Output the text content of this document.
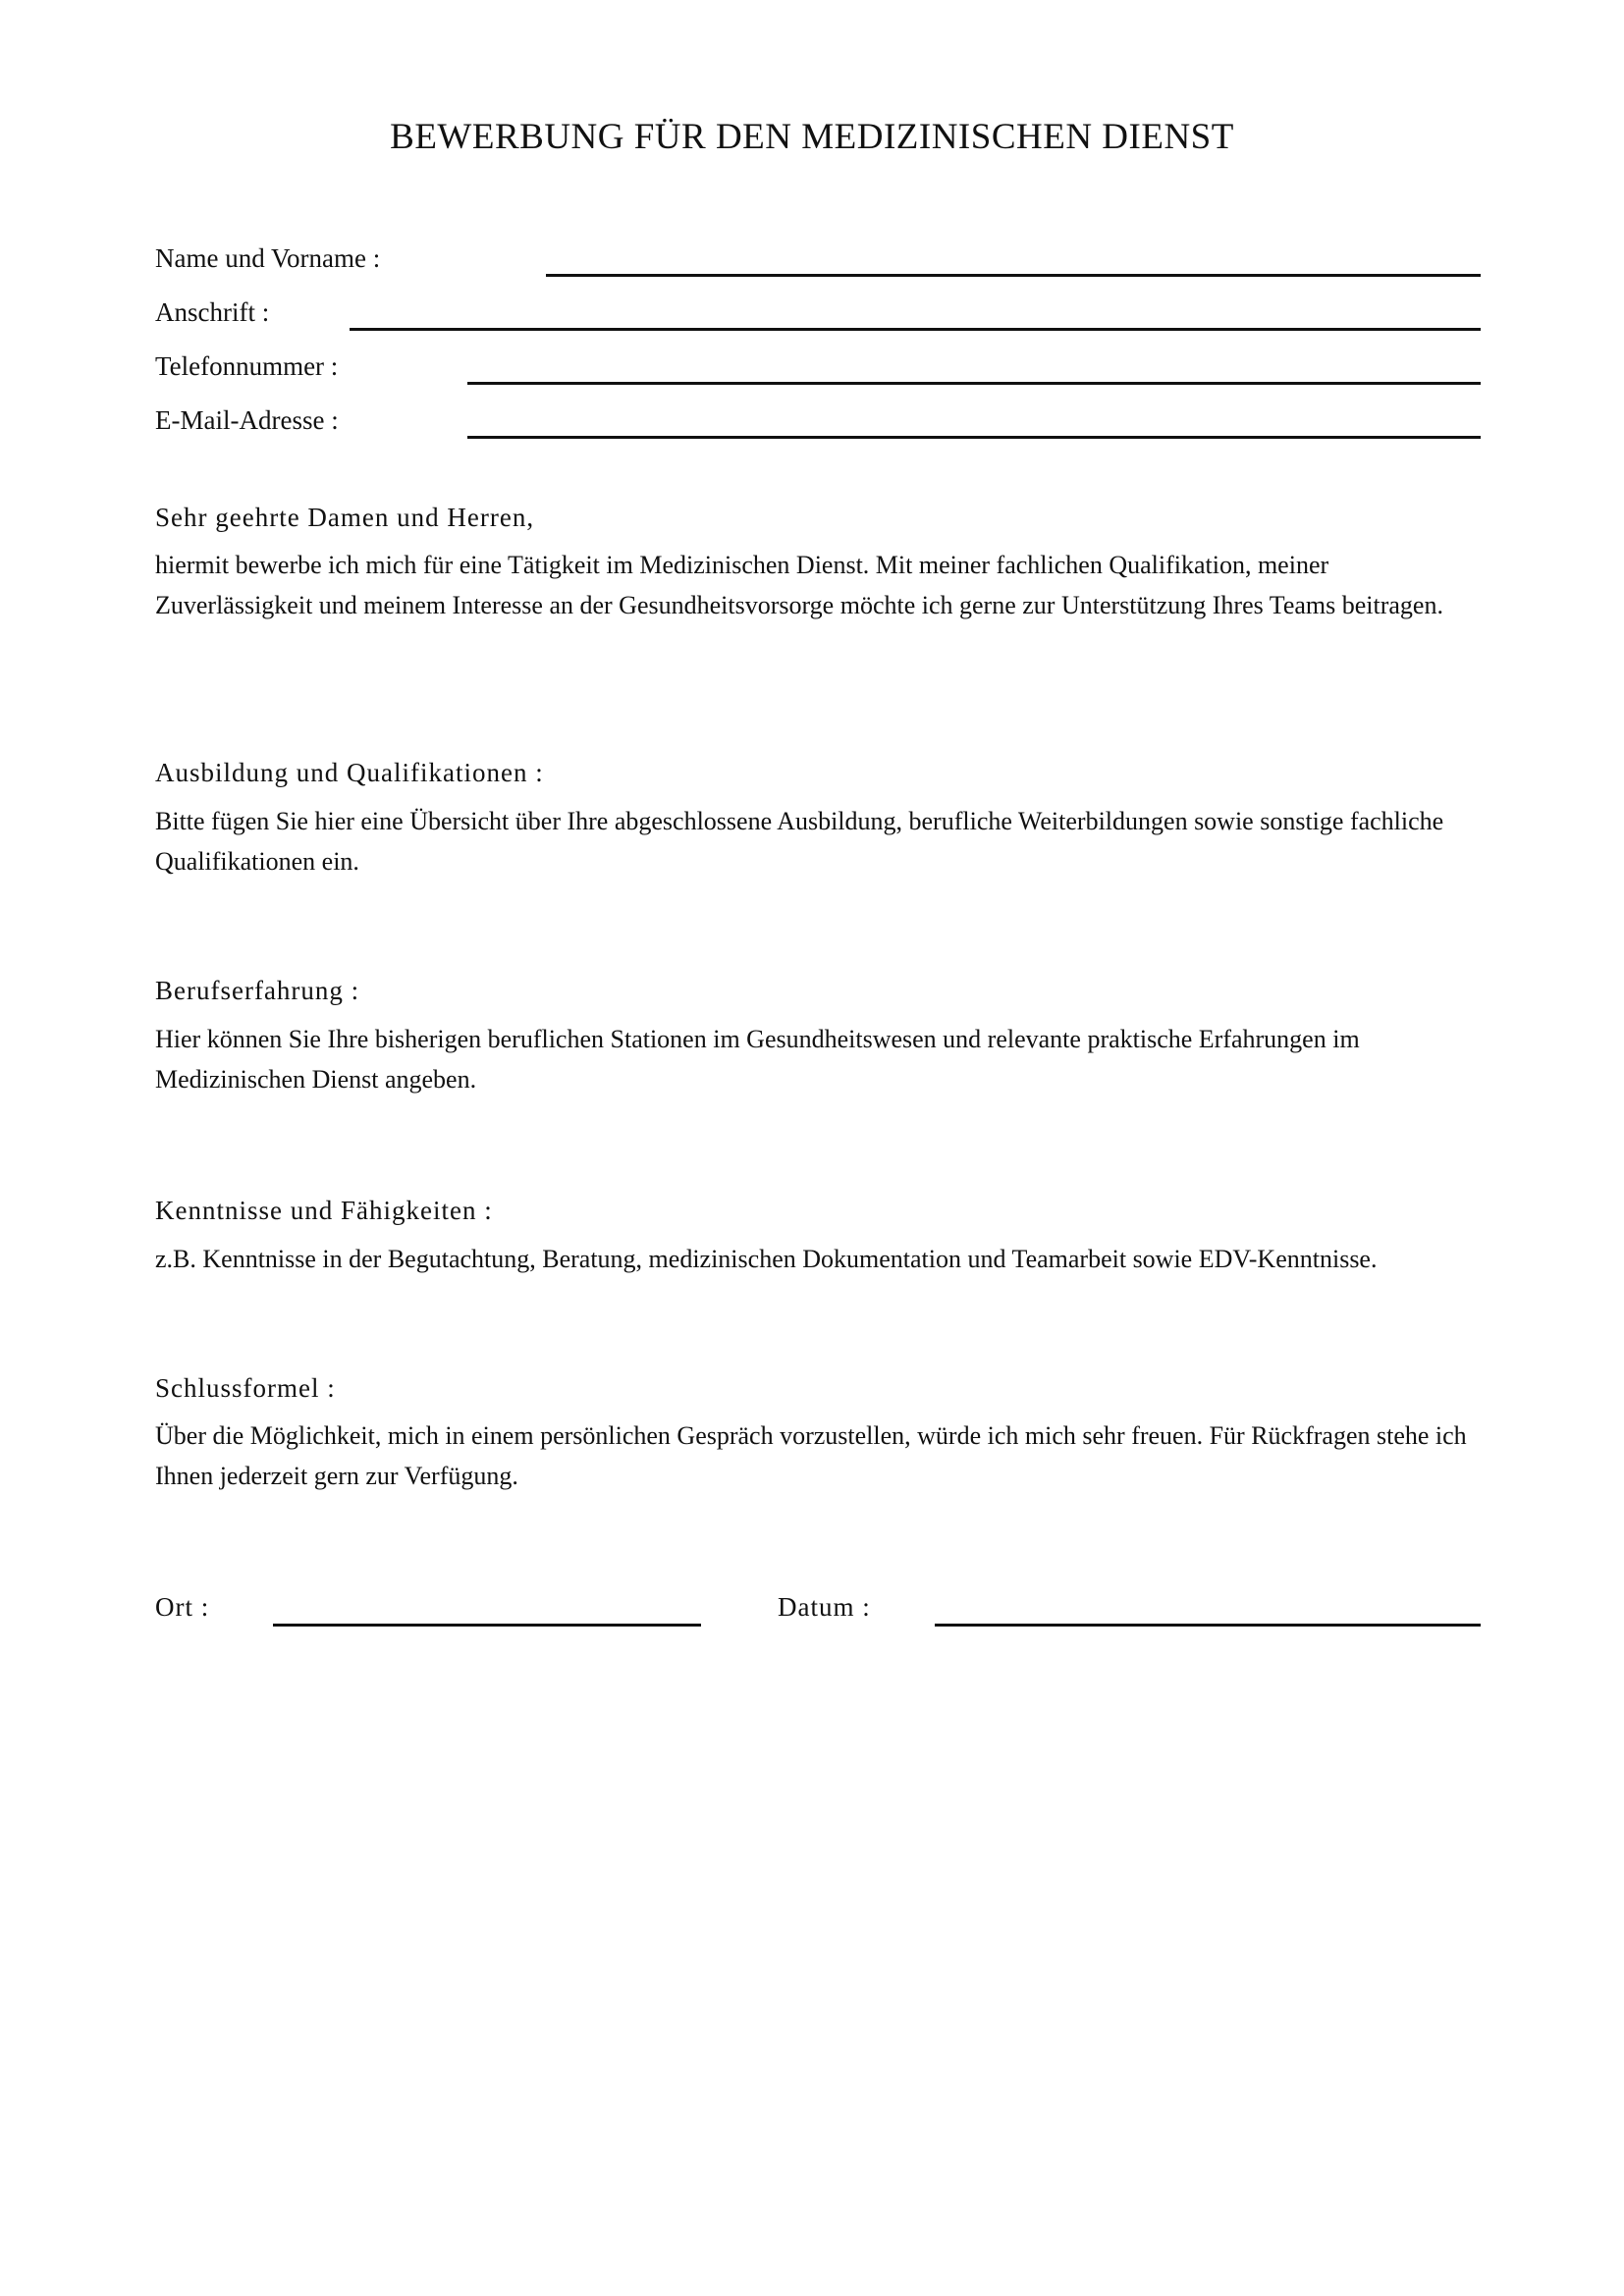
BEWERBUNG FÜR DEN MEDIZINISCHEN DIENST
Name und Vorname :
Anschrift :
Telefonnummer :
E-Mail-Adresse :
Sehr geehrte Damen und Herren,

hiermit bewerbe ich mich für eine Tätigkeit im Medizinischen Dienst. Mit meiner fachlichen Qualifikation, meiner Zuverlässigkeit und meinem Interesse an der Gesundheitsvorsorge möchte ich gerne zur Unterstützung Ihres Teams beitragen.

Ausbildung und Qualifikationen :

Bitte fügen Sie hier eine Übersicht über Ihre abgeschlossene Ausbildung, berufliche Weiterbildungen sowie sonstige fachliche Qualifikationen ein.

Berufserfahrung :

Hier können Sie Ihre bisherigen beruflichen Stationen im Gesundheitswesen und relevante praktische Erfahrungen im Medizinischen Dienst angeben.

Kenntnisse und Fähigkeiten :

z.B. Kenntnisse in der Begutachtung, Beratung, medizinischen Dokumentation und Teamarbeit sowie EDV-Kenntnisse.

Schlussformel :

Über die Möglichkeit, mich in einem persönlichen Gespräch vorzustellen, würde ich mich sehr freuen. Für Rückfragen stehe ich Ihnen jederzeit gern zur Verfügung.

Ort :	Datum :
